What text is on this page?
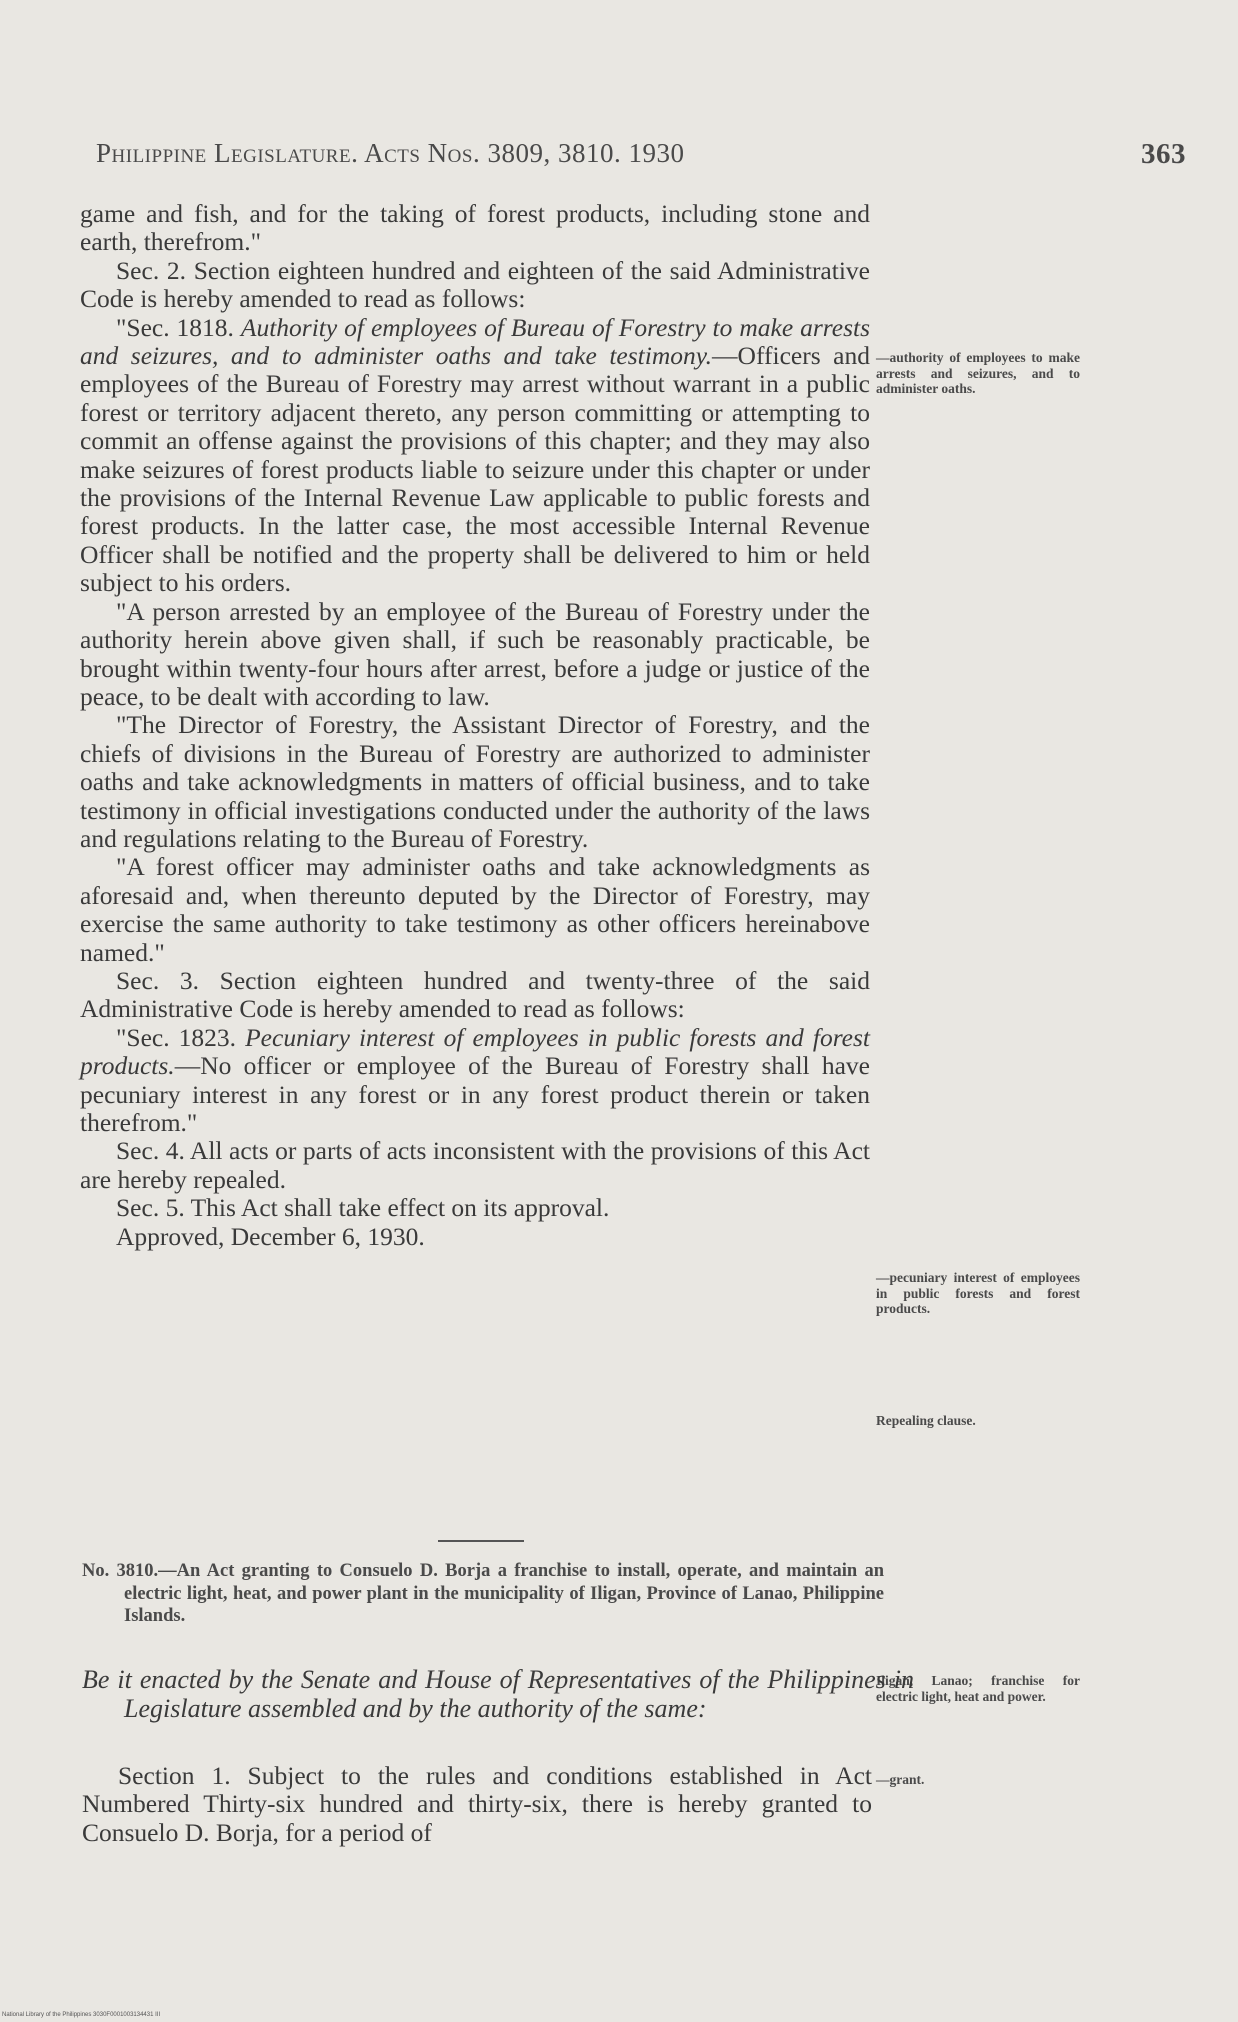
Philippine Legislature. Acts Nos. 3809, 3810. 1930	363

game and fish, and for the taking of forest products, including stone and earth, therefrom."

Sec. 2. Section eighteen hundred and eighteen of the said Administrative Code is hereby amended to read as follows:

"Sec. 1818. Authority of employees of Bureau of Forestry to make arrests and seizures, and to administer oaths and take testimony.—Officers and employees of the Bureau of Forestry may arrest without warrant in a public forest or territory adjacent thereto, any person committing or attempting to commit an offense against the provisions of this chapter; and they may also make seizures of forest products liable to seizure under this chapter or under the provisions of the Internal Revenue Law applicable to public forests and forest products. In the latter case, the most accessible Internal Revenue Officer shall be notified and the property shall be delivered to him or held subject to his orders.

"A person arrested by an employee of the Bureau of Forestry under the authority herein above given shall, if such be reasonably practicable, be brought within twenty-four hours after arrest, before a judge or justice of the peace, to be dealt with according to law.

"The Director of Forestry, the Assistant Director of Forestry, and the chiefs of divisions in the Bureau of Forestry are authorized to administer oaths and take acknowledgments in matters of official business, and to take testimony in official investigations conducted under the authority of the laws and regulations relating to the Bureau of Forestry.

"A forest officer may administer oaths and take acknowledgments as aforesaid and, when thereunto deputed by the Director of Forestry, may exercise the same authority to take testimony as other officers hereinabove named."

Sec. 3. Section eighteen hundred and twenty-three of the said Administrative Code is hereby amended to read as follows:

"Sec. 1823. Pecuniary interest of employees in public forests and forest products.—No officer or employee of the Bureau of Forestry shall have pecuniary interest in any forest or in any forest product therein or taken therefrom."

Sec. 4. All acts or parts of acts inconsistent with the provisions of this Act are hereby repealed.

Sec. 5. This Act shall take effect on its approval.

Approved, December 6, 1930.

—authority of employees to make arrests and seizures, and to administer oaths.
—pecuniary interest of employees in public forests and forest products.
Repealing clause.
Iligan, Lanao; franchise for electric light, heat and power.
—grant.
No. 3810.—An Act granting to Consuelo D. Borja a franchise to install, operate, and maintain an electric light, heat, and power plant in the municipality of Iligan, Province of Lanao, Philippine Islands.
Be it enacted by the Senate and House of Representatives of the Philippines in Legislature assembled and by the authority of the same:
Section 1. Subject to the rules and conditions established in Act Numbered Thirty-six hundred and thirty-six, there is hereby granted to Consuelo D. Borja, for a period of
National Library of the Philippines 3030F0001003134431 III
